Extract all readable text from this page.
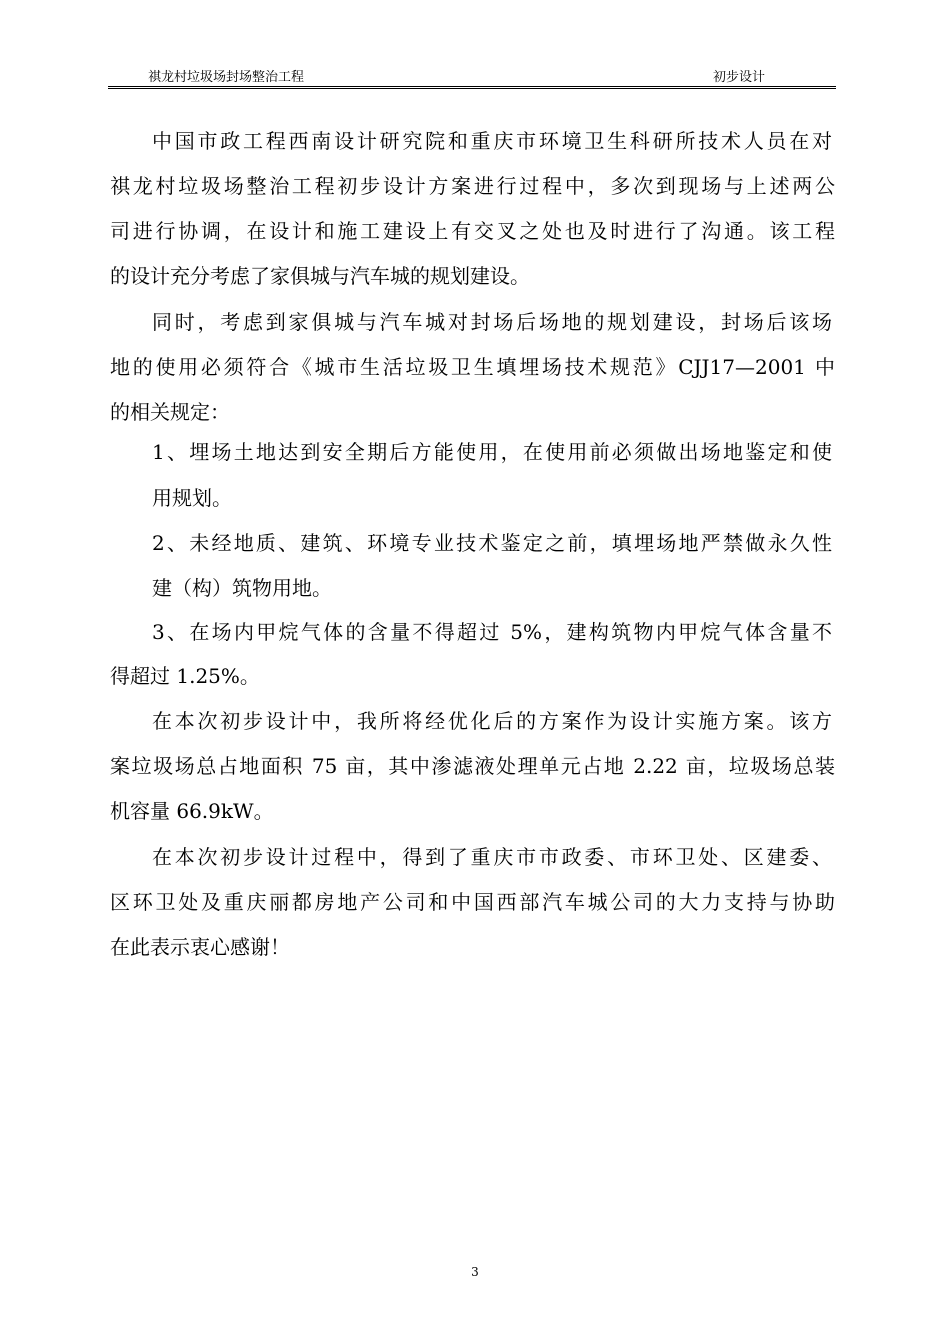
祺龙村垃圾场封场整治工程	初步设计
中国市政工程西南设计研究院和重庆市环境卫生科研所技术人员在对
祺龙村垃圾场整治工程初步设计方案进行过程中，多次到现场与上述两公
司进行协调，在设计和施工建设上有交叉之处也及时进行了沟通。该工程
的设计充分考虑了家俱城与汽车城的规划建设。
同时，考虑到家俱城与汽车城对封场后场地的规划建设，封场后该场
地的使用必须符合《城市生活垃圾卫生填埋场技术规范》CJJ17—2001 中
的相关规定：
1、埋场土地达到安全期后方能使用，在使用前必须做出场地鉴定和使
用规划。
2、未经地质、建筑、环境专业技术鉴定之前，填埋场地严禁做永久性
建（构）筑物用地。
3、在场内甲烷气体的含量不得超过 5%，建构筑物内甲烷气体含量不
得超过 1.25%。
在本次初步设计中，我所将经优化后的方案作为设计实施方案。该方
案垃圾场总占地面积 75 亩，其中渗滤液处理单元占地 2.22 亩，垃圾场总装
机容量 66.9kW。
在本次初步设计过程中，得到了重庆市市政委、市环卫处、区建委、
区环卫处及重庆丽都房地产公司和中国西部汽车城公司的大力支持与协助
在此表示衷心感谢！
3
